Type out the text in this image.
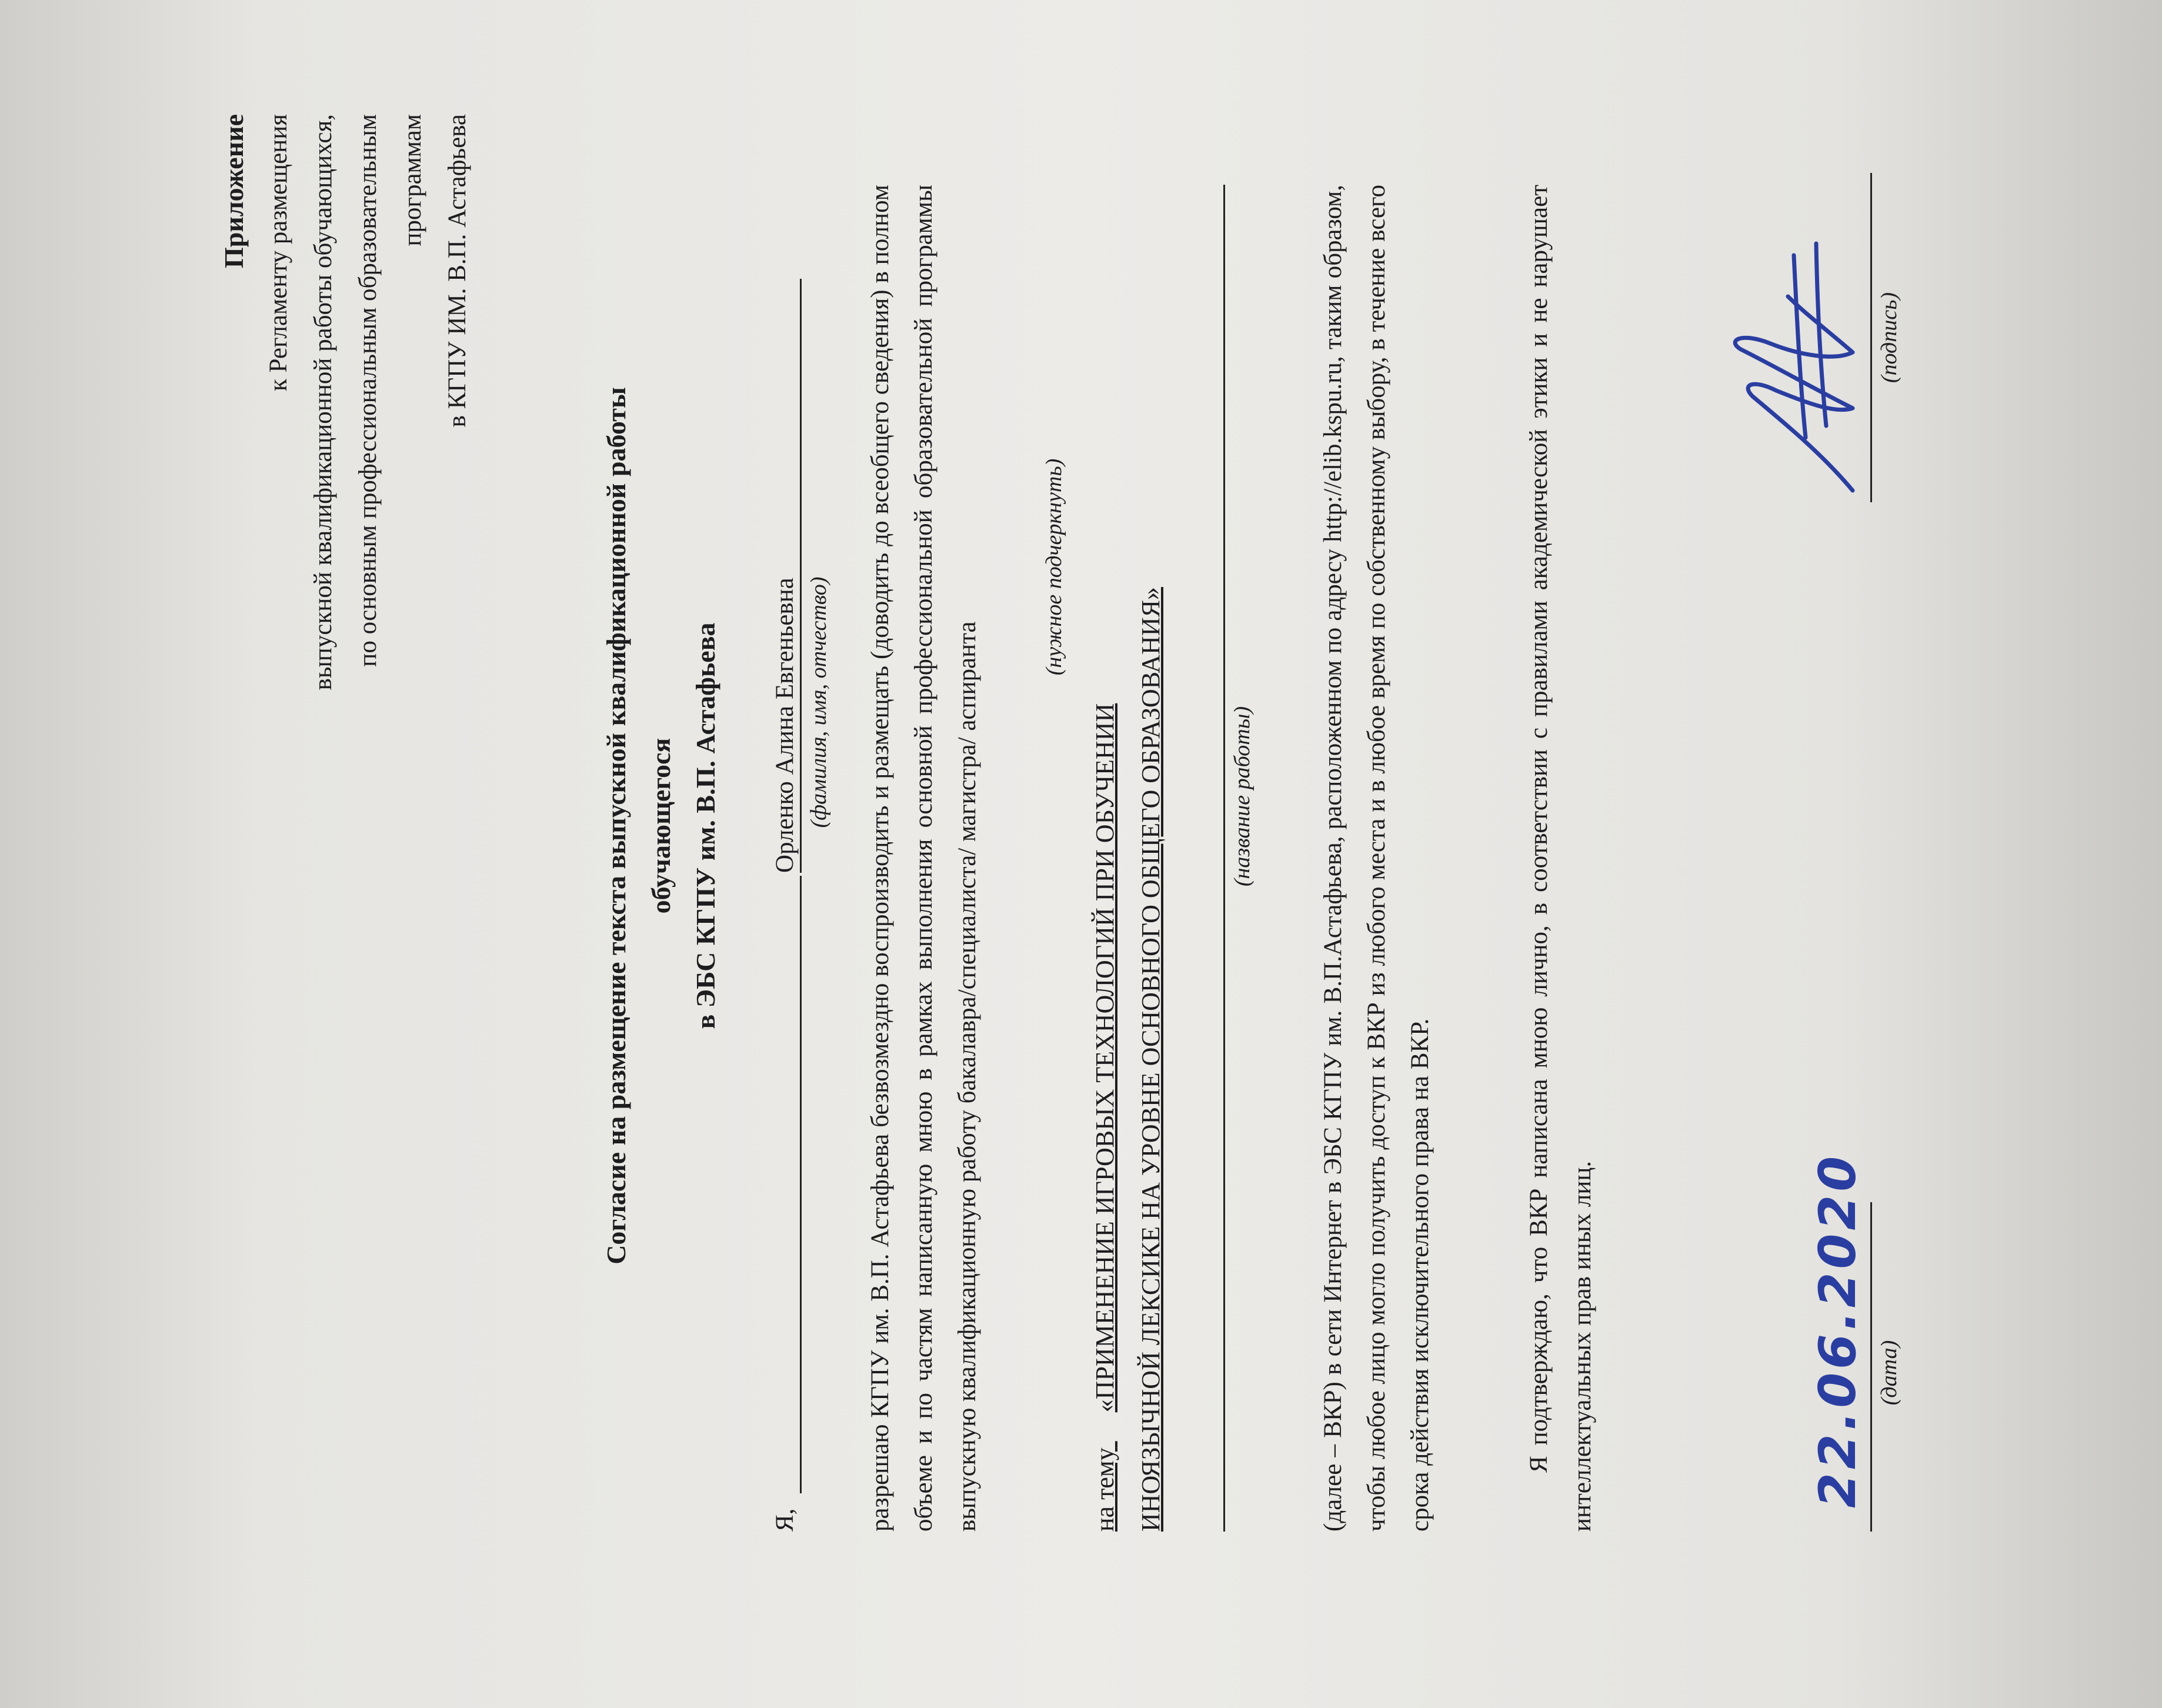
Приложение к Регламенту размещения выпускной квалификационной работы обучающихся, по основным профессиональным образовательным программам в КГПУ ИМ. В.П. Астафьева
Согласие на размещение текста выпускной квалификационной работы обучающегося в ЭБС КГПУ им. В.П. Астафьева
Я,
Орленко Алина Евгеньевна (фамилия, имя, отчество)	разрешаю КГПУ им. В.П. Астафьева безвозмездно воспроизводить и размещать (доводить до всеобщего сведения) в полном объеме и по частям написанную мною в рамках выполнения основной профессиональной образовательной программы выпускную квалификационную работу бакалавра/специалиста/ магистра/ аспиранта
(нужное подчеркнуть)
на тему «ПРИМЕНЕНИЕ ИГРОВЫХ ТЕХНОЛОГИЙ ПРИ ОБУЧЕНИИ ИНОЯЗЫЧНОЙ ЛЕКСИКЕ НА УРОВНЕ ОСНОВНОГО ОБЩЕГО ОБРАЗОВАНИЯ»	(название работы)	(далее – ВКР) в сети Интернет в ЭБС КГПУ им. В.П.Астафьева, расположенном по адресу http://elib.kspu.ru, таким образом, чтобы любое лицо могло получить доступ к ВКР из любого места и в любое время по собственному выбору, в течение всего срока действия исключительного права на ВКР.	Я подтверждаю, что ВКР написана мною лично, в соответствии с правилами академической этики и не нарушает интеллектуальных прав иных лиц.	22.06.2020 (дата)
(подпись)
